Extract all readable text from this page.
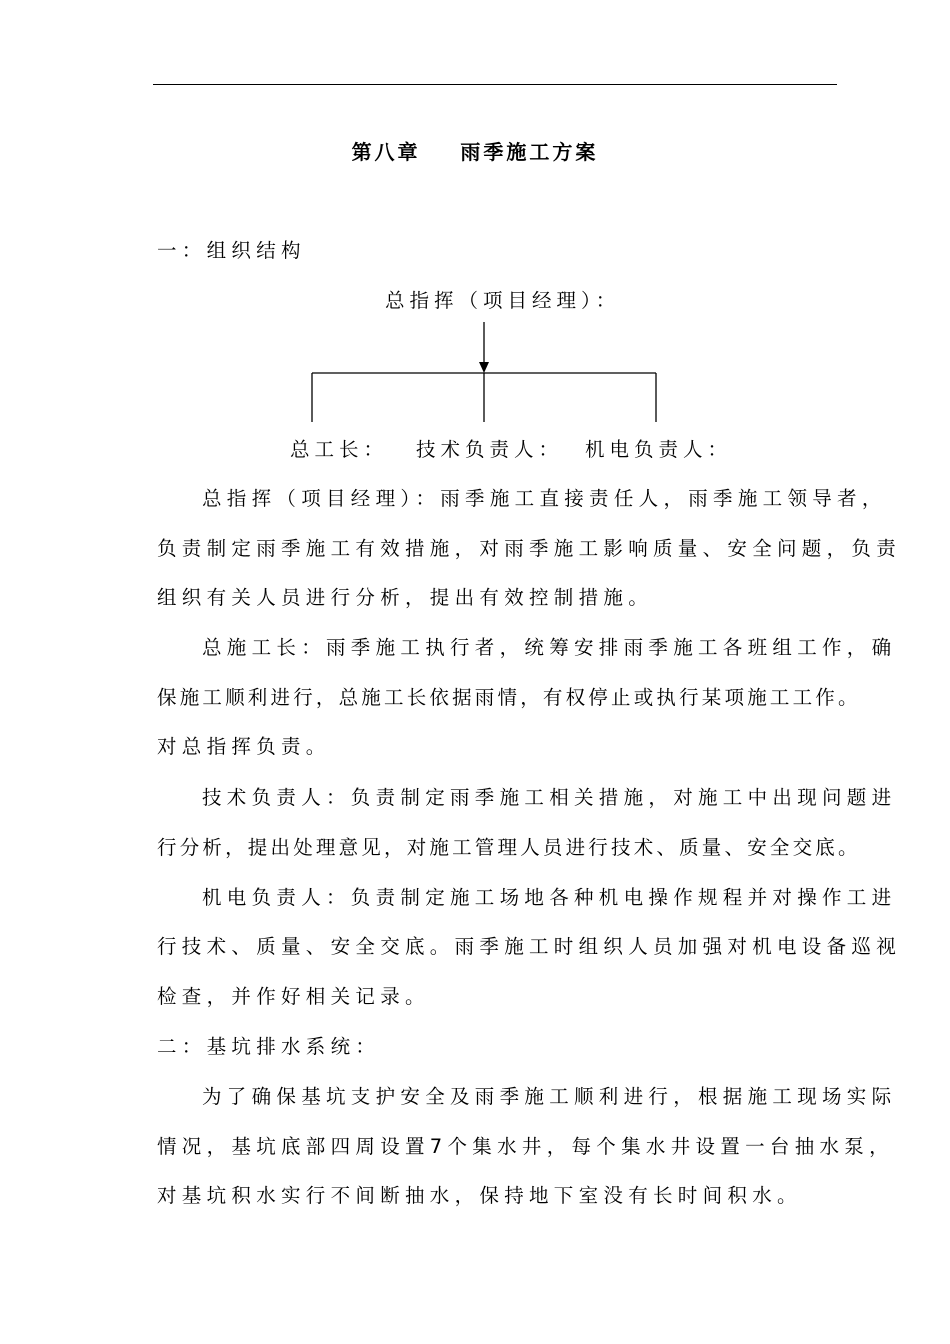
第八章    雨季施工方案
一：组织结构
总指挥（项目经理）：
总工长： 技术负责人： 机电负责人：
总指挥（项目经理）：雨季施工直接责任人，雨季施工领导者，
负责制定雨季施工有效措施，对雨季施工影响质量、安全问题，负责
组织有关人员进行分析，提出有效控制措施。
总施工长：雨季施工执行者，统筹安排雨季施工各班组工作，确
保施工顺利进行，总施工长依据雨情，有权停止或执行某项施工工作。
对总指挥负责。
技术负责人：负责制定雨季施工相关措施，对施工中出现问题进
行分析，提出处理意见，对施工管理人员进行技术、质量、安全交底。
机电负责人：负责制定施工场地各种机电操作规程并对操作工进
行技术、质量、安全交底。雨季施工时组织人员加强对机电设备巡视
检查，并作好相关记录。
二：基坑排水系统：
为了确保基坑支护安全及雨季施工顺利进行，根据施工现场实际
情况，基坑底部四周设置7个集水井，每个集水井设置一台抽水泵，
对基坑积水实行不间断抽水，保持地下室没有长时间积水。
